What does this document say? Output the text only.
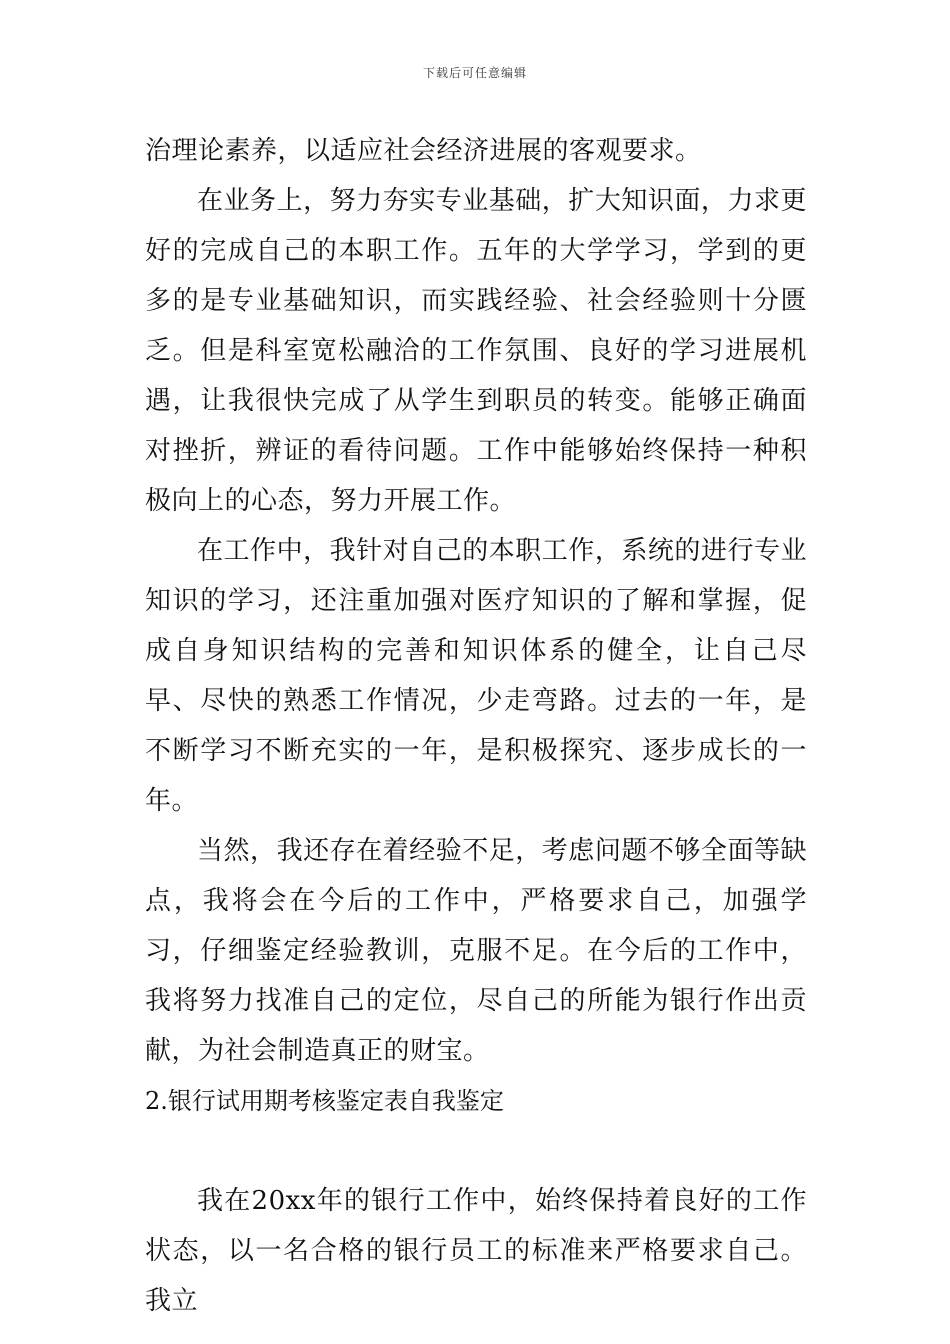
下载后可任意编辑

治理论素养，以适应社会经济进展的客观要求。

在业务上，努力夯实专业基础，扩大知识面，力求更好的完成自己的本职工作。五年的大学学习，学到的更多的是专业基础知识，而实践经验、社会经验则十分匮乏。但是科室宽松融洽的工作氛围、良好的学习进展机遇，让我很快完成了从学生到职员的转变。能够正确面对挫折，辨证的看待问题。工作中能够始终保持一种积极向上的心态，努力开展工作。

在工作中，我针对自己的本职工作，系统的进行专业知识的学习，还注重加强对医疗知识的了解和掌握，促成自身知识结构的完善和知识体系的健全，让自己尽早、尽快的熟悉工作情况，少走弯路。过去的一年，是不断学习不断充实的一年，是积极探究、逐步成长的一年。

当然，我还存在着经验不足，考虑问题不够全面等缺点，我将会在今后的工作中，严格要求自己，加强学习，仔细鉴定经验教训，克服不足。在今后的工作中，我将努力找准自己的定位，尽自己的所能为银行作出贡献，为社会制造真正的财宝。

2.银行试用期考核鉴定表自我鉴定

我在20xx年的银行工作中，始终保持着良好的工作状态，以一名合格的银行员工的标准来严格要求自己。我立
